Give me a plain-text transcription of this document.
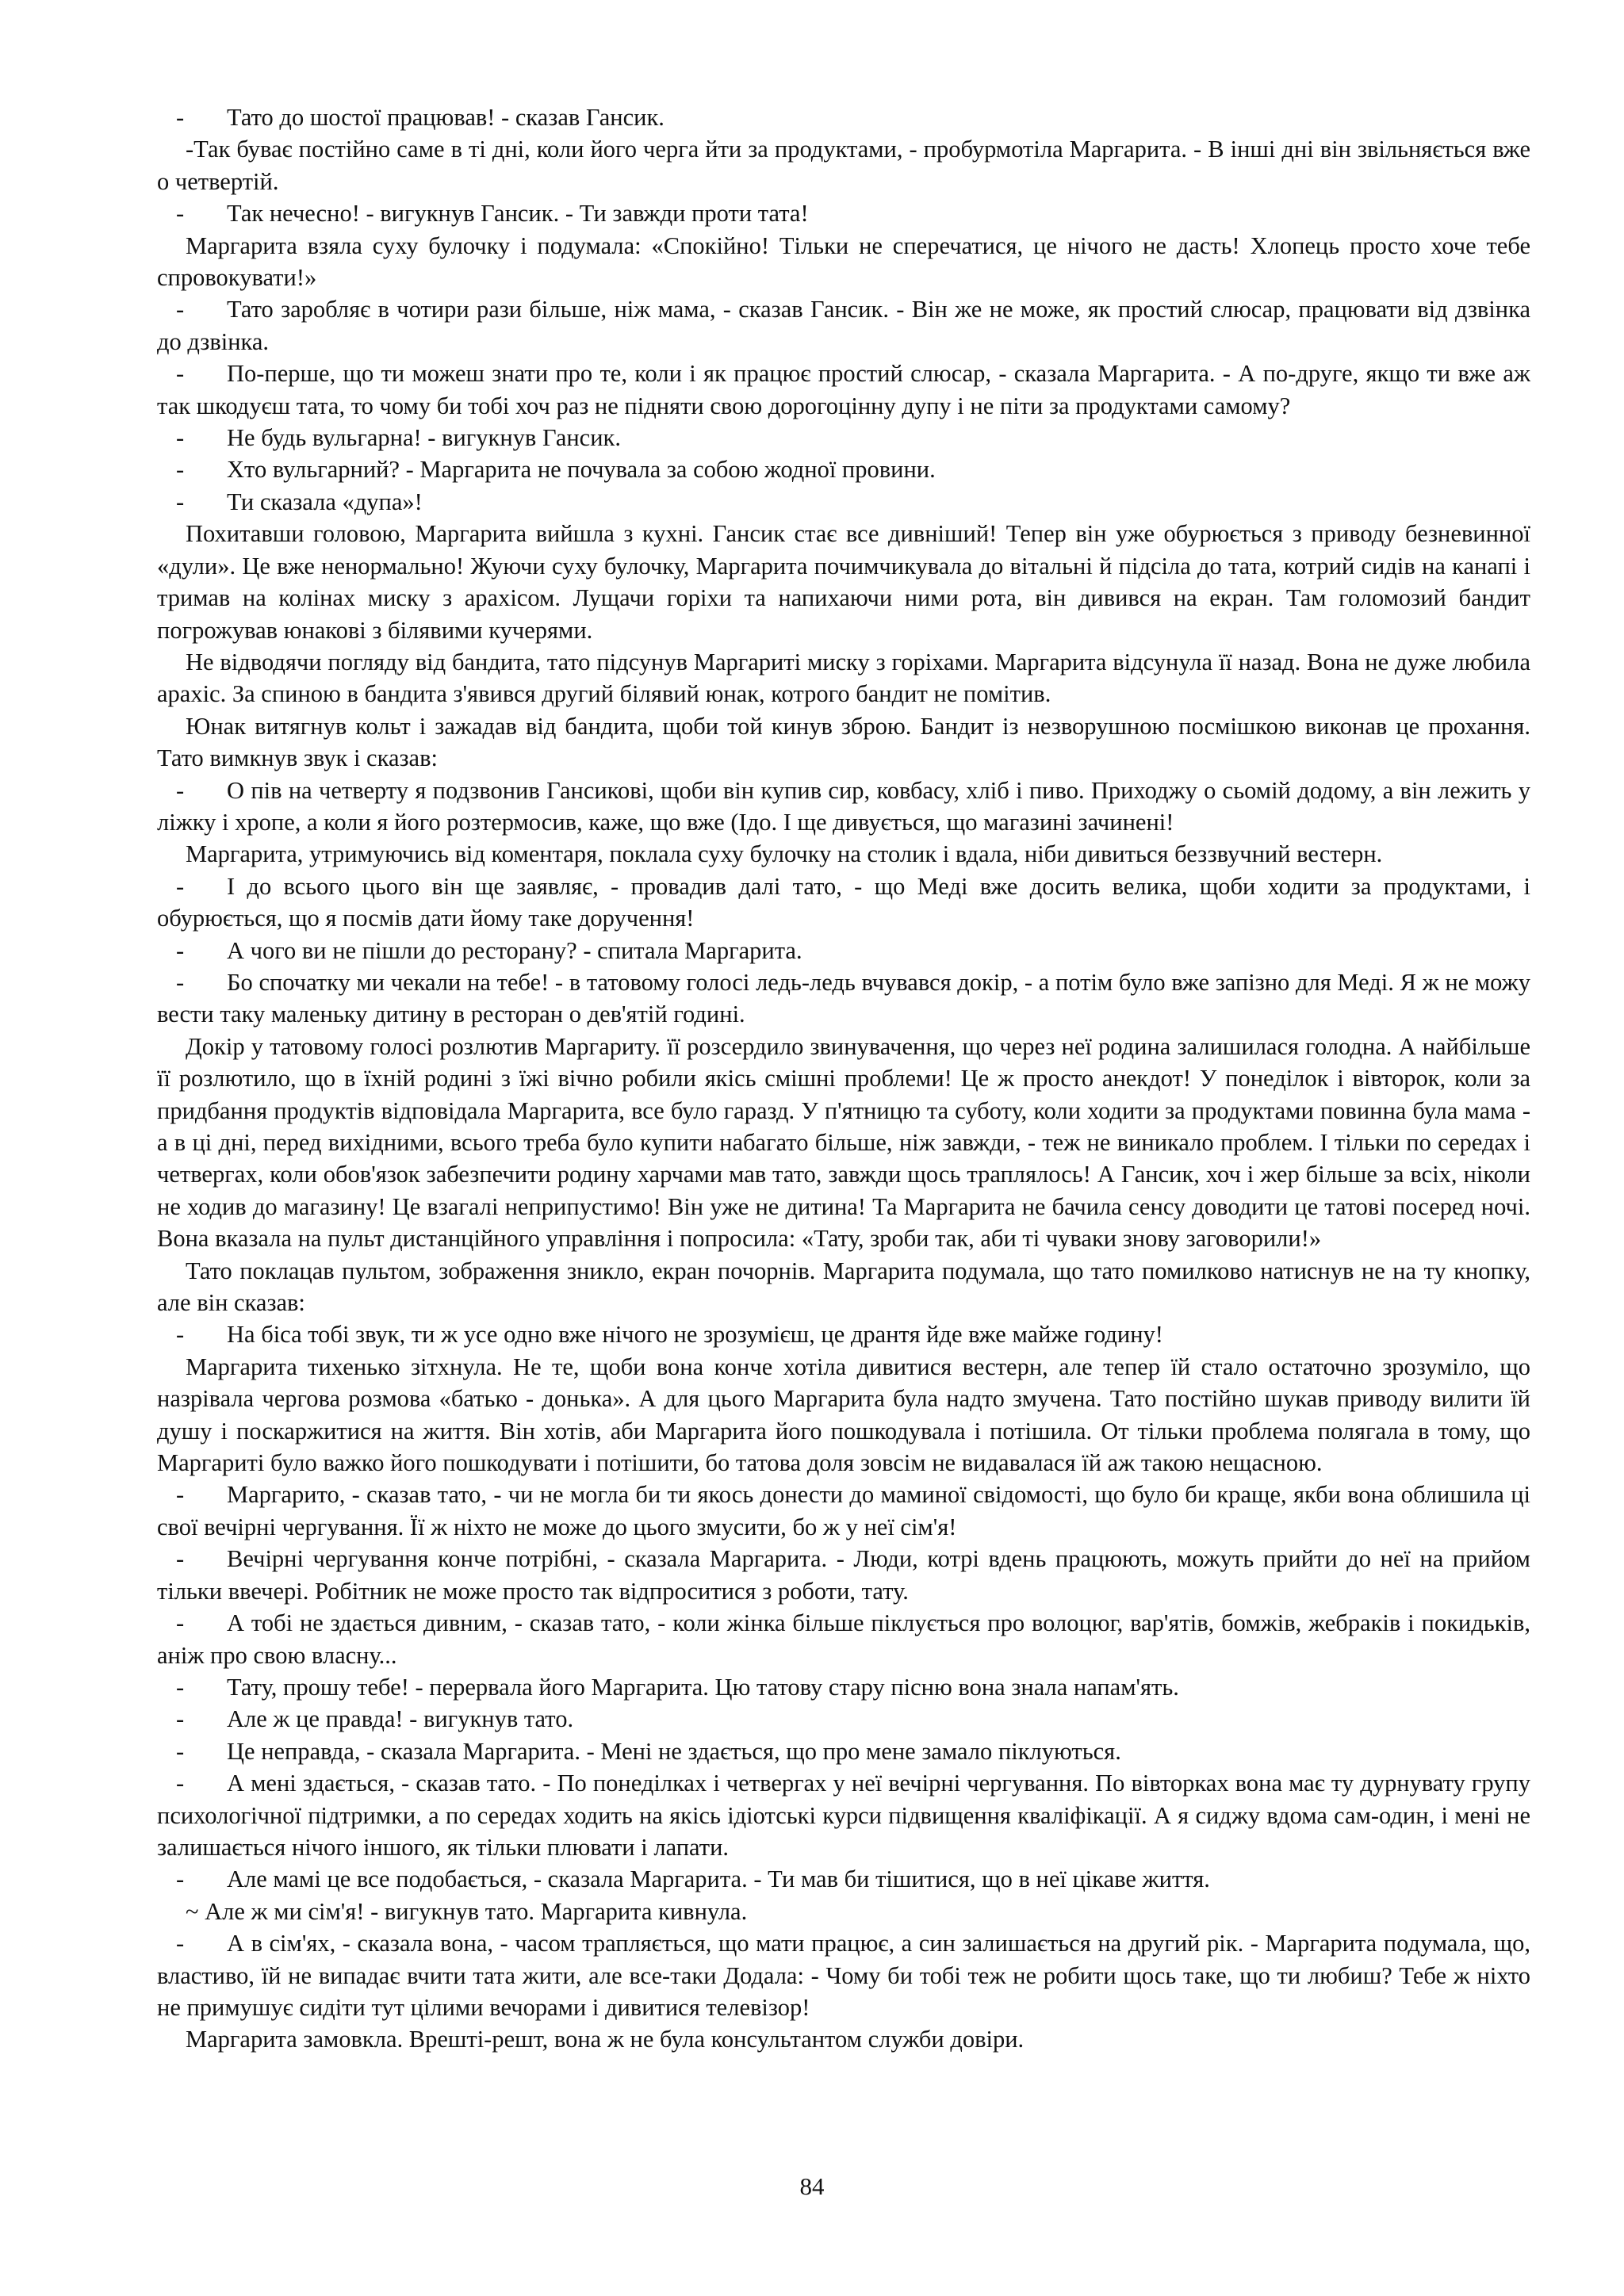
- Тато до шостої працював! - сказав Гансик.

-Так буває постійно саме в ті дні, коли його черга йти за продуктами, - пробурмотіла Маргарита. - В інші дні він звільняється вже о четвертій.

- Так нечесно! - вигукнув Гансик. - Ти завжди проти тата!

Маргарита взяла суху булочку і подумала: «Спокійно! Тільки не сперечатися, це нічого не дасть! Хлопець просто хоче тебе спровокувати!»

- Тато заробляє в чотири рази більше, ніж мама, - сказав Гансик. - Він же не може, як простий слюсар, працювати від дзвінка до дзвінка.

- По-перше, що ти можеш знати про те, коли і як працює простий слюсар, - сказала Маргарита. - А по-друге, якщо ти вже аж так шкодуєш тата, то чому би тобі хоч раз не підняти свою дорогоцінну дупу і не піти за продуктами самому?

- Не будь вульгарна! - вигукнув Гансик.

- Хто вульгарний? - Маргарита не почувала за собою жодної провини.

- Ти сказала «дупа»!

Похитавши головою, Маргарита вийшла з кухні. Гансик стає все дивніший! Тепер він уже обурюється з приводу безневинної «дули». Це вже ненормально! Жуючи суху булочку, Маргарита почимчикувала до вітальні й підсіла до тата, котрий сидів на канапі і тримав на колінах миску з арахісом. Лущачи горіхи та напихаючи ними рота, він дивився на екран. Там голомозий бандит погрожував юнакові з білявими кучерями.

Не відводячи погляду від бандита, тато підсунув Маргариті миску з горіхами. Маргарита відсунула її назад. Вона не дуже любила арахіс. За спиною в бандита з'явився другий білявий юнак, котрого бандит не помітив.

Юнак витягнув кольт і зажадав від бандита, щоби той кинув зброю. Бандит із незворушною посмішкою виконав це прохання. Тато вимкнув звук і сказав:

- О пів на четверту я подзвонив Гансикові, щоби він купив сир, ковбасу, хліб і пиво. Приходжу о сьомій додому, а він лежить у ліжку і хропе, а коли я його розтермосив, каже, що вже (Ідо. І ще дивується, що магазині зачинені!

Маргарита, утримуючись від коментаря, поклала суху булочку на столик і вдала, ніби дивиться беззвучний вестерн.

- І до всього цього він ще заявляє, - провадив далі тато, - що Меді вже досить велика, щоби ходити за продуктами, і обурюється, що я посмів дати йому таке доручення!

- А чого ви не пішли до ресторану? - спитала Маргарита.

- Бо спочатку ми чекали на тебе! - в татовому голосі ледь-ледь вчувався докір, - а потім було вже запізно для Меді. Я ж не можу вести таку маленьку дитину в ресторан о дев'ятій годині.

Докір у татовому голосі розлютив Маргариту. її розсердило звинувачення, що через неї родина залишилася голодна. А найбільше її розлютило, що в їхній родині з їжі вічно робили якісь смішні проблеми! Це ж просто анекдот! У понеділок і вівторок, коли за придбання продуктів відповідала Маргарита, все було гаразд. У п'ятницю та суботу, коли ходити за продуктами повинна була мама - а в ці дні, перед вихідними, всього треба було купити набагато більше, ніж завжди, - теж не виникало проблем. І тільки по середах і четвергах, коли обов'язок забезпечити родину харчами мав тато, завжди щось траплялось! А Гансик, хоч і жер більше за всіх, ніколи не ходив до магазину! Це взагалі неприпустимо! Він уже не дитина! Та Маргарита не бачила сенсу доводити це татові посеред ночі. Вона вказала на пульт дистанційного управління і попросила: «Тату, зроби так, аби ті чуваки знову заговорили!»

Тато поклацав пультом, зображення зникло, екран почорнів. Маргарита подумала, що тато помилково натиснув не на ту кнопку, але він сказав:

- На біса тобі звук, ти ж усе одно вже нічого не зрозумієш, це дрантя йде вже майже годину!

Маргарита тихенько зітхнула. Не те, щоби вона конче хотіла дивитися вестерн, але тепер їй стало остаточно зрозуміло, що назрівала чергова розмова «батько - донька». А для цього Маргарита була надто змучена. Тато постійно шукав приводу вилити їй душу і поскаржитися на життя. Він хотів, аби Маргарита його пошкодувала і потішила. От тільки проблема полягала в тому, що Маргариті було важко його пошкодувати і потішити, бо татова доля зовсім не видавалася їй аж такою нещасною.

- Маргарито, - сказав тато, - чи не могла би ти якось донести до маминої свідомості, що було би краще, якби вона облишила ці свої вечірні чергування. Її ж ніхто не може до цього змусити, бо ж у неї сім'я!

- Вечірні чергування конче потрібні, - сказала Маргарита. - Люди, котрі вдень працюють, можуть прийти до неї на прийом тільки ввечері. Робітник не може просто так відпроситися з роботи, тату.

- А тобі не здається дивним, - сказав тато, - коли жінка більше піклується про волоцюг, вар'ятів, бомжів, жебраків і покидьків, аніж про свою власну...

- Тату, прошу тебе! - перервала його Маргарита. Цю татову стару пісню вона знала напам'ять.

- Але ж це правда! - вигукнув тато.

- Це неправда, - сказала Маргарита. - Мені не здається, що про мене замало піклуються.

- А мені здається, - сказав тато. - По понеділках і четвергах у неї вечірні чергування. По вівторках вона має ту дурнувату групу психологічної підтримки, а по середах ходить на якісь ідіотські курси підвищення кваліфікації. А я сиджу вдома сам-один, і мені не залишається нічого іншого, як тільки плювати і лапати.

- Але мамі це все подобається, - сказала Маргарита. - Ти мав би тішитися, що в неї цікаве життя.

~ Але ж ми сім'я! - вигукнув тато. Маргарита кивнула.

- А в сім'ях, - сказала вона, - часом трапляється, що мати працює, а син залишається на другий рік. - Маргарита подумала, що, властиво, їй не випадає вчити тата жити, але все-таки Додала: - Чому би тобі теж не робити щось таке, що ти любиш? Тебе ж ніхто не примушує сидіти тут цілими вечорами і дивитися телевізор!

Маргарита замовкла. Врешті-решт, вона ж не була консультантом служби довіри.

84
